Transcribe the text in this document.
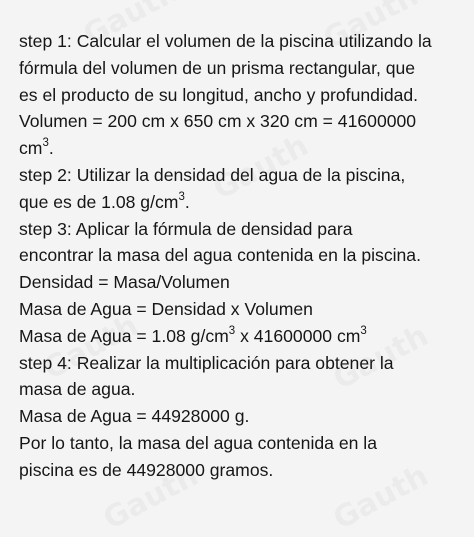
step 1: Calcular el volumen de la piscina utilizando la

fórmula del volumen de un prisma rectangular, que

es el producto de su longitud, ancho y profundidad.

Volumen = 200 cm x 650 cm x 320 cm = 41600000

$cm^3$.

step 2: Utilizar la densidad del agua de la piscina,

que es de 1.08 $g/cm^3$.

step 3: Aplicar la fórmula de densidad para

encontrar la masa del agua contenida en la piscina.

Densidad = Masa/Volumen

Masa de Agua = Densidad x Volumen

Masa de Agua = 1.08 $g/cm^3$ x 41600000 $cm^3$

step 4: Realizar la multiplicación para obtener la

masa de agua.

Masa de Agua = 44928000 g.

Por lo tanto, la masa del agua contenida en la

piscina es de 44928000 gramos.
